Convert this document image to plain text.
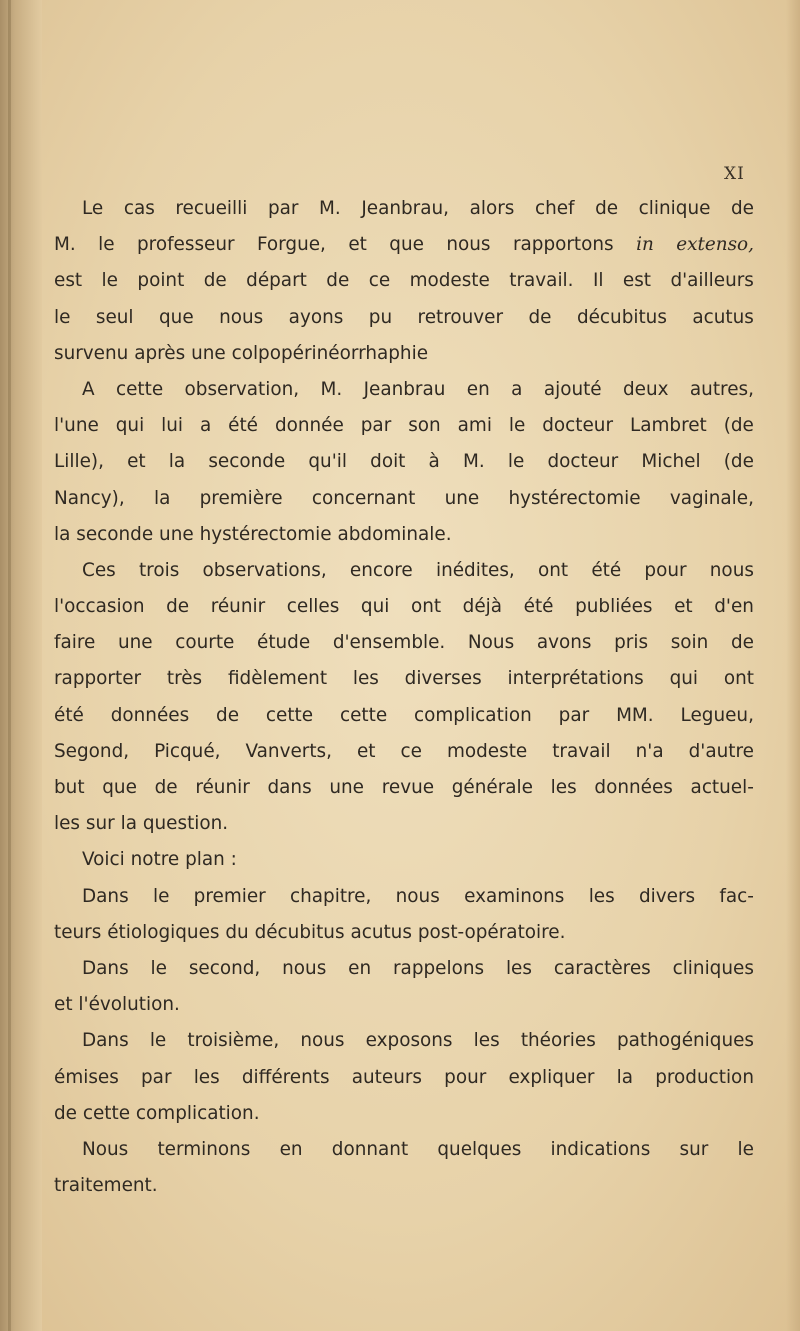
XI
Le cas recueilli par M. Jeanbrau, alors chef de clinique de
M. le professeur Forgue, et que nous rapportons in extenso,
est le point de départ de ce modeste travail. Il est d'ailleurs
le seul que nous ayons pu retrouver de décubitus acutus
survenu après une colpopérinéorrhaphie
A cette observation, M. Jeanbrau en a ajouté deux autres,
l'une qui lui a été donnée par son ami le docteur Lambret (de
Lille), et la seconde qu'il doit à M. le docteur Michel (de
Nancy), la première concernant une hystérectomie vaginale,
la seconde une hystérectomie abdominale.
Ces trois observations, encore inédites, ont été pour nous
l'occasion de réunir celles qui ont déjà été publiées et d'en
faire une courte étude d'ensemble. Nous avons pris soin de
rapporter très fidèlement les diverses interprétations qui ont
été données de cette cette complication par MM. Legueu,
Segond, Picqué, Vanverts, et ce modeste travail n'a d'autre
but que de réunir dans une revue générale les données actuel-
les sur la question.
Voici notre plan :
Dans le premier chapitre, nous examinons les divers fac-
teurs étiologiques du décubitus acutus post-opératoire.
Dans le second, nous en rappelons les caractères cliniques
et l'évolution.
Dans le troisième, nous exposons les théories pathogéniques
émises par les différents auteurs pour expliquer la production
de cette complication.
Nous terminons en donnant quelques indications sur le
traitement.
